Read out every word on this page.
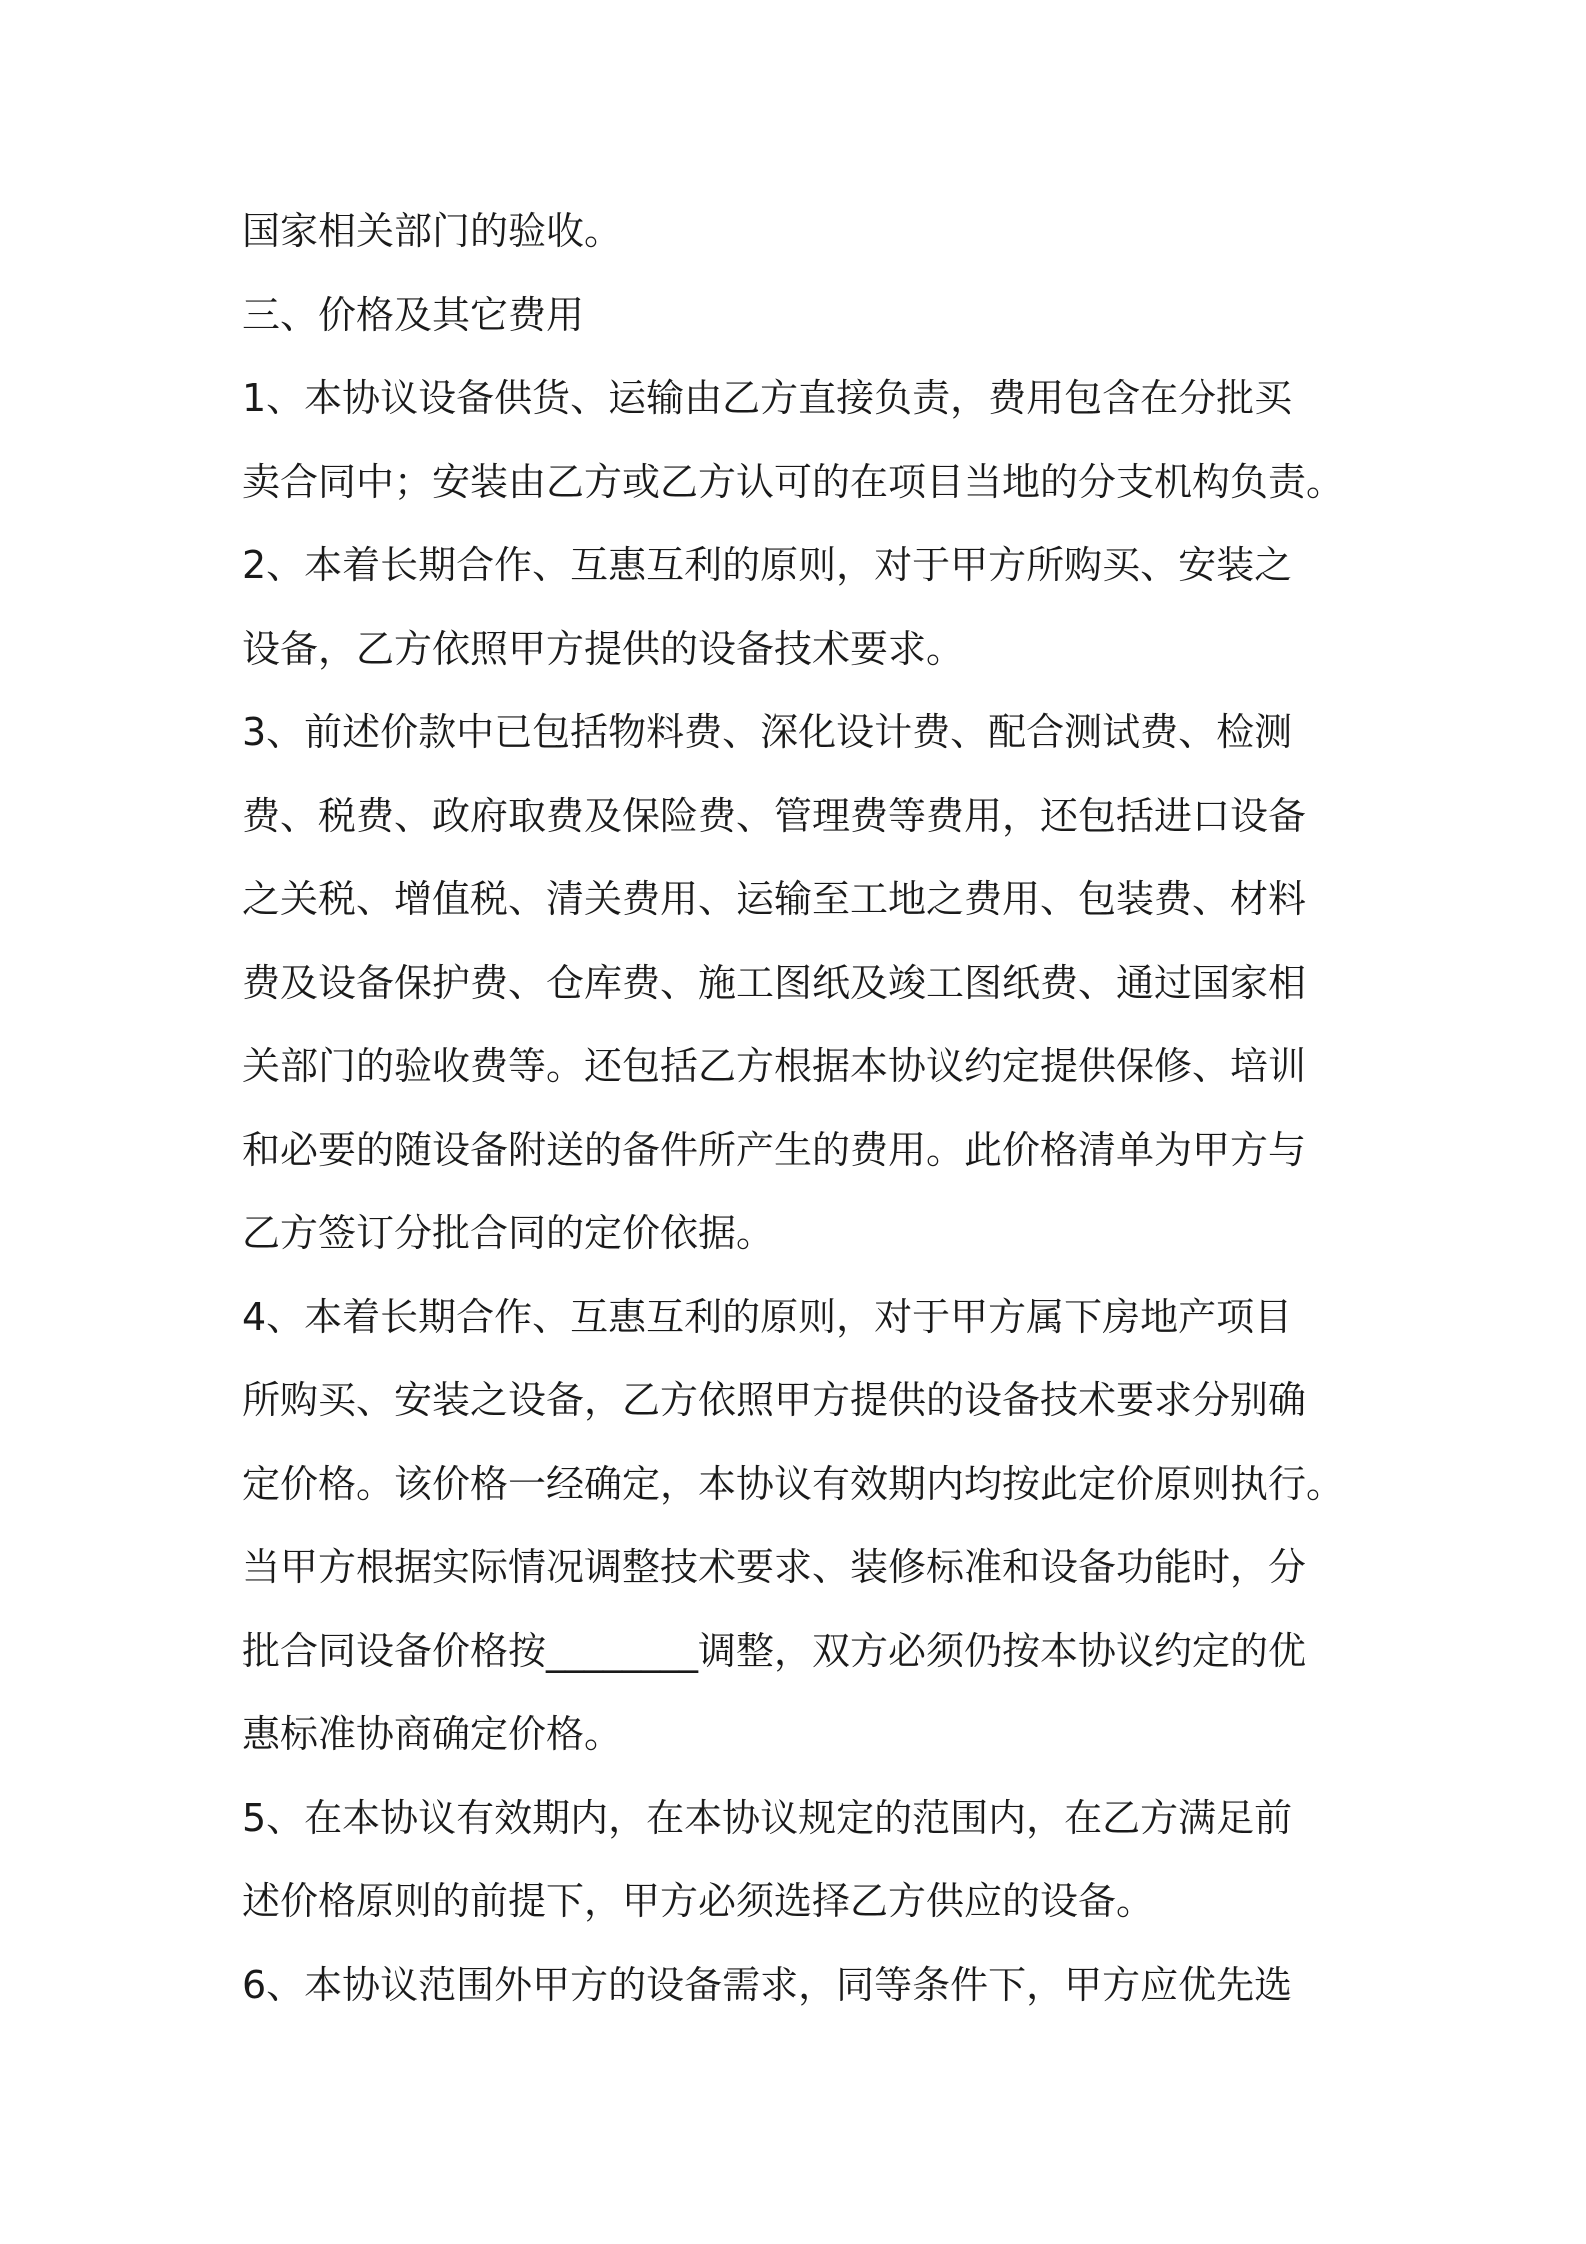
国家相关部门的验收。
三、价格及其它费用
1、本协议设备供货、运输由乙方直接负责，费用包含在分批买
卖合同中；安装由乙方或乙方认可的在项目当地的分支机构负责。
2、本着长期合作、互惠互利的原则，对于甲方所购买、安装之
设备，乙方依照甲方提供的设备技术要求。
3、前述价款中已包括物料费、深化设计费、配合测试费、检测
费、税费、政府取费及保险费、管理费等费用，还包括进口设备
之关税、增值税、清关费用、运输至工地之费用、包装费、材料
费及设备保护费、仓库费、施工图纸及竣工图纸费、通过国家相
关部门的验收费等。还包括乙方根据本协议约定提供保修、培训
和必要的随设备附送的备件所产生的费用。此价格清单为甲方与
乙方签订分批合同的定价依据。
4、本着长期合作、互惠互利的原则，对于甲方属下房地产项目
所购买、安装之设备，乙方依照甲方提供的设备技术要求分别确
定价格。该价格一经确定，本协议有效期内均按此定价原则执行。
当甲方根据实际情况调整技术要求、装修标准和设备功能时，分
批合同设备价格按________调整，双方必须仍按本协议约定的优
惠标准协商确定价格。
5、在本协议有效期内，在本协议规定的范围内，在乙方满足前
述价格原则的前提下，甲方必须选择乙方供应的设备。
6、本协议范围外甲方的设备需求，同等条件下，甲方应优先选
